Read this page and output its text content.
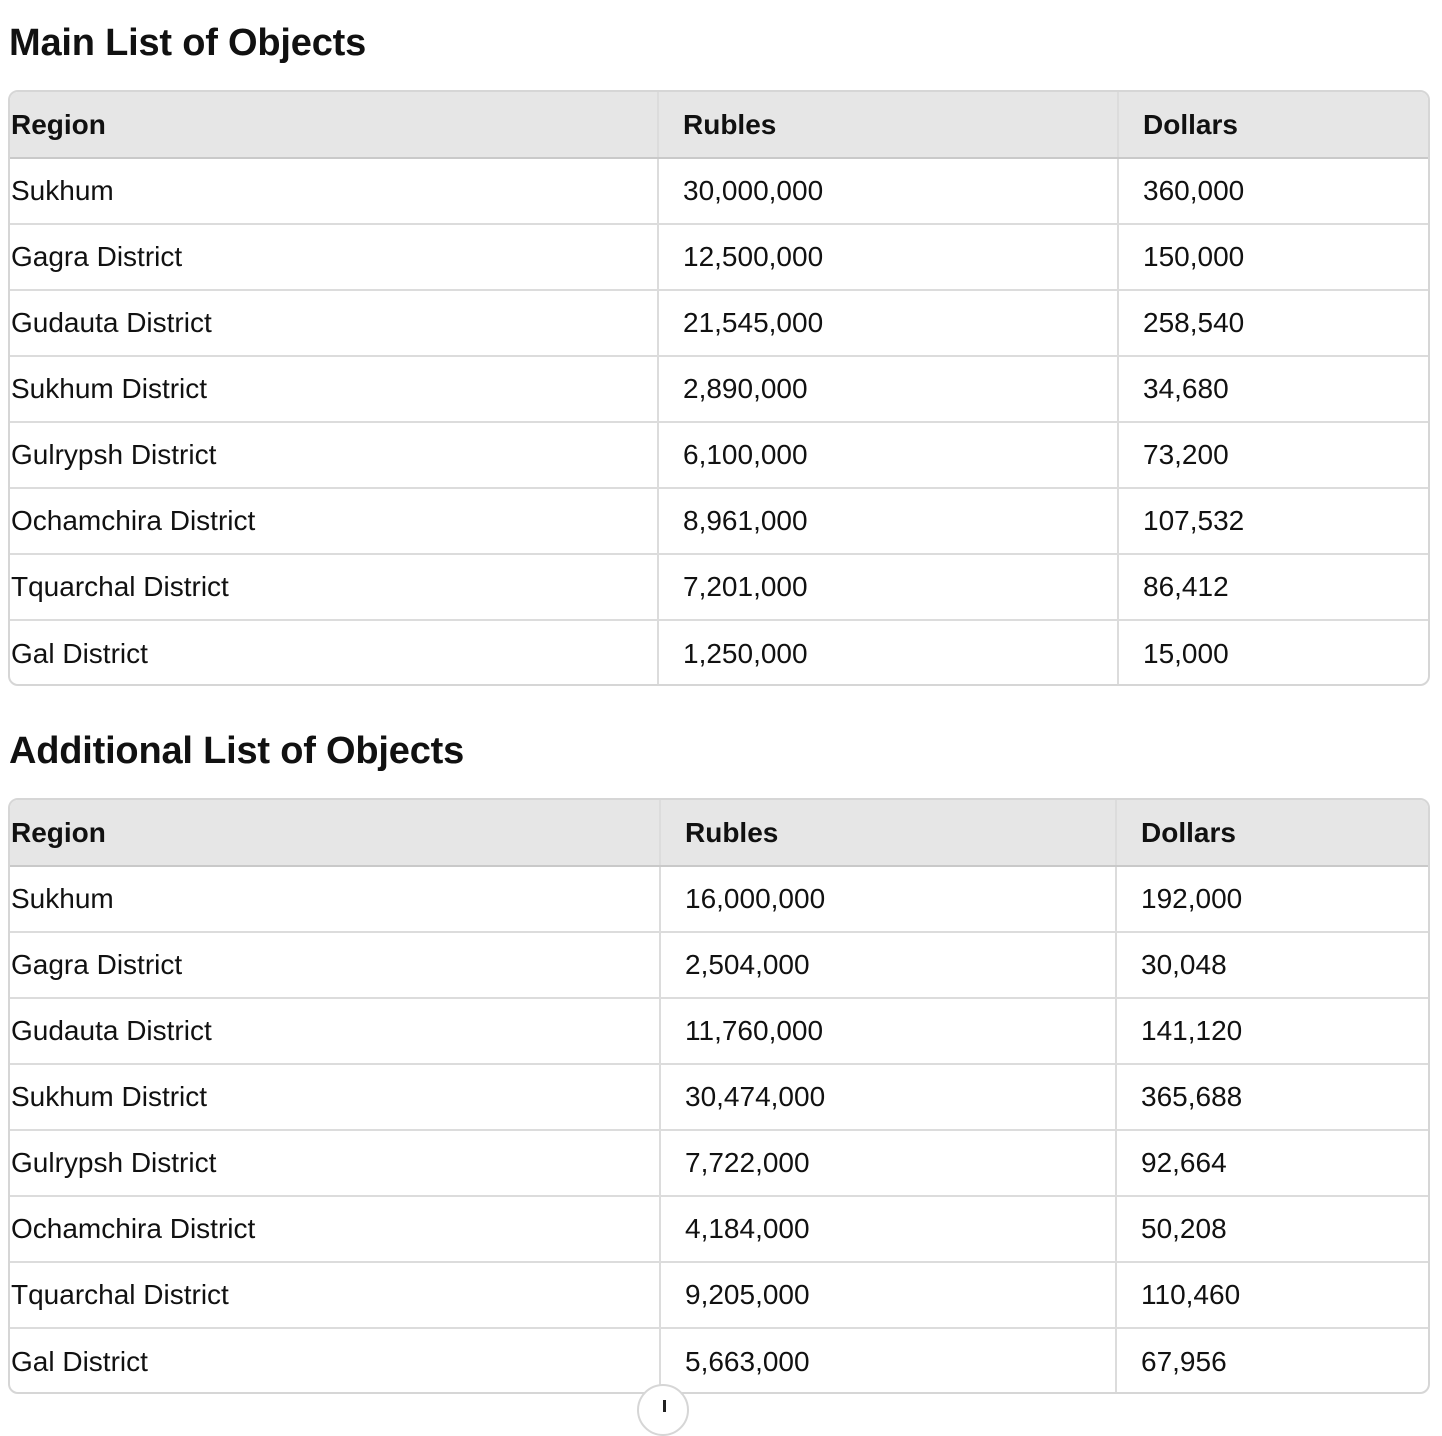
Main List of Objects
Region	Rubles	Dollars
Sukhum	30,000,000	360,000
Gagra District	12,500,000	150,000
Gudauta District	21,545,000	258,540
Sukhum District	2,890,000	34,680
Gulrypsh District	6,100,000	73,200
Ochamchira District	8,961,000	107,532
Tquarchal District	7,201,000	86,412
Gal District	1,250,000	15,000
Additional List of Objects
Region	Rubles	Dollars
Sukhum	16,000,000	192,000
Gagra District	2,504,000	30,048
Gudauta District	11,760,000	141,120
Sukhum District	30,474,000	365,688
Gulrypsh District	7,722,000	92,664
Ochamchira District	4,184,000	50,208
Tquarchal District	9,205,000	110,460
Gal District	5,663,000	67,956
